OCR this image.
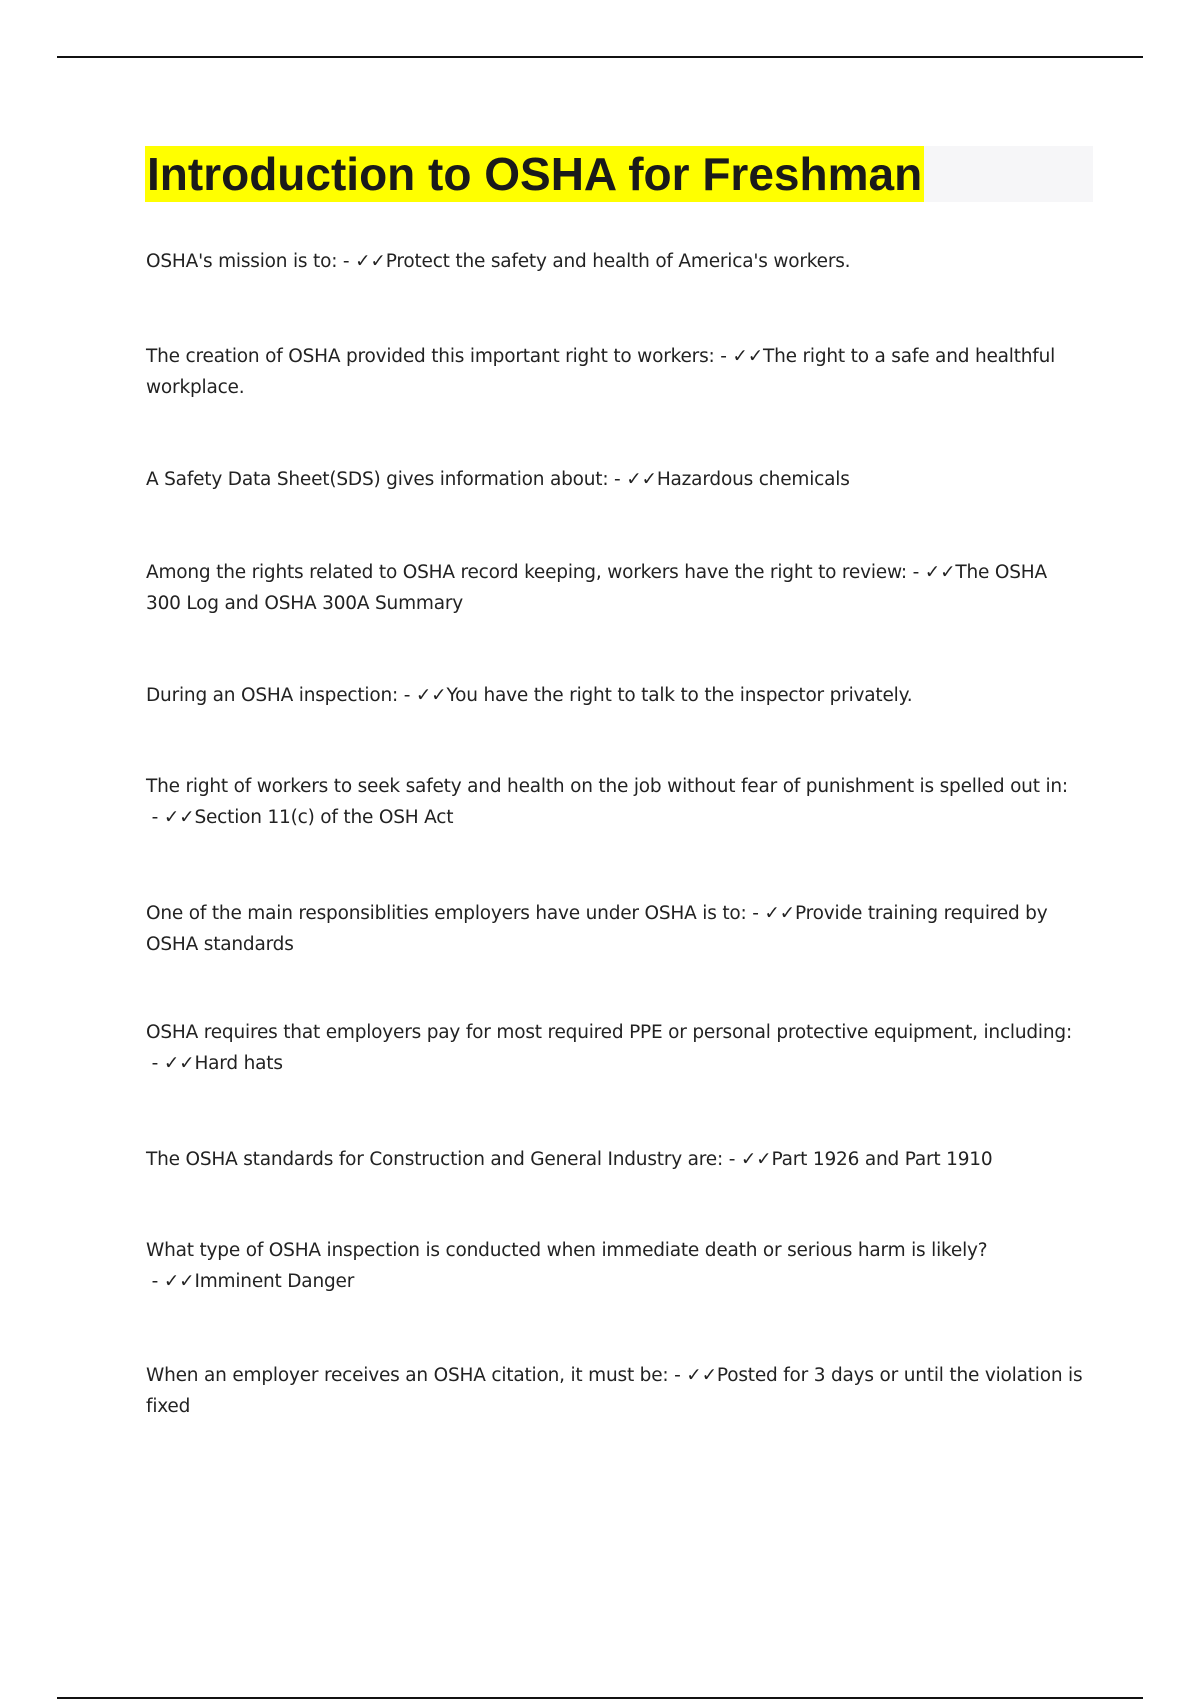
Introduction to OSHA for Freshman
OSHA's mission is to: - ✓✓Protect the safety and health of America's workers.
The creation of OSHA provided this important right to workers: - ✓✓The right to a safe and healthful workplace.
A Safety Data Sheet(SDS) gives information about: - ✓✓Hazardous chemicals
Among the rights related to OSHA record keeping, workers have the right to review: - ✓✓The OSHA 300 Log and OSHA 300A Summary
During an OSHA inspection: - ✓✓You have the right to talk to the inspector privately.
The right of workers to seek safety and health on the job without fear of punishment is spelled out in: - ✓✓Section 11(c) of the OSH Act
One of the main responsiblities employers have under OSHA is to: - ✓✓Provide training required by OSHA standards
OSHA requires that employers pay for most required PPE or personal protective equipment, including: - ✓✓Hard hats
The OSHA standards for Construction and General Industry are: - ✓✓Part 1926 and Part 1910
What type of OSHA inspection is conducted when immediate death or serious harm is likely? - ✓✓Imminent Danger
When an employer receives an OSHA citation, it must be: - ✓✓Posted for 3 days or until the violation is fixed
